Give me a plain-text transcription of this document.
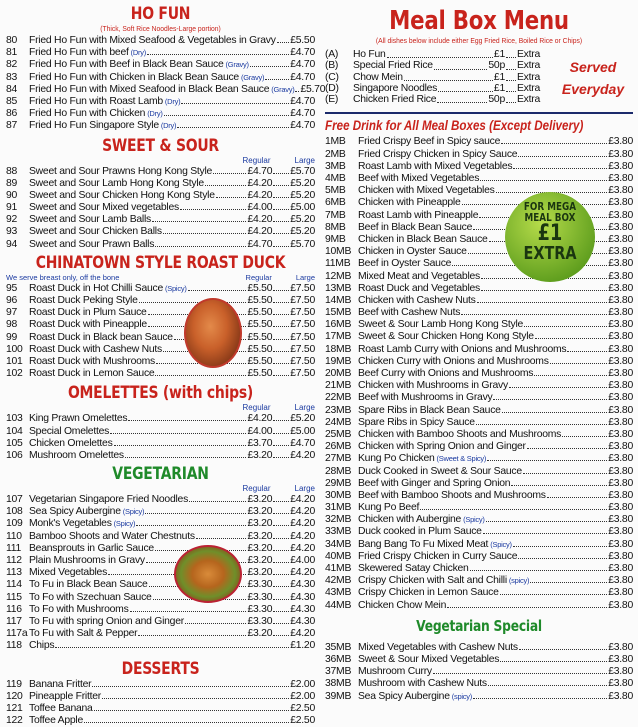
HO FUN
(Thick, Soft Rice Noodles-Large portion)
80	Fried Ho Fun with Mixed Seafood & Vegetables in Gravy £5.50
81	Fried Ho Fun with beef (Dry)	£4.70
82	Fried Ho Fun with Beef in Black Bean Sauce (Gravy)	£4.70
83	Fried Ho Fun with Chicken in Black Bean Sauce (Gravy)	£4.70
84	Fried Ho Fun with Mixed Seafood in Black Bean Sauce (Gravy) £5.70
85	Fried Ho Fun with Roast Lamb (Dry)	£4.70
86	Fried Ho Fun with Chicken (Dry)	£4.70
87	Fried Ho Fun Singapore Style (Dry)	£4.70
SWEET & SOUR
Regular	Large
88	Sweet and Sour Prawns Hong Kong Style	£4.70 £5.70
89	Sweet and Sour Lamb Hong Kong Style	£4.20 £5.20
90	Sweet and Sour Chicken Hong Kong Style	£4.20 £5.20
91	Sweet and Sour Mixed vegetables	£4.00 £5.00
92	Sweet and Sour Lamb Balls	£4.20 £5.20
93	Sweet and Sour Chicken Balls	£4.20 £5.20
94	Sweet and Sour Prawn Balls	£4.70 £5.70
CHINATOWN STYLE ROAST DUCK
We serve breast only, off the bone	Regular	Large
95	Roast Duck in Hot Chilli Sauce (Spicy)	£5.50 £7.50
96	Roast Duck Peking Style	£5.50 £7.50
97	Roast Duck in Plum Sauce	£5.50 £7.50
98	Roast Duck with Pineapple	£5.50 £7.50
99	Roast Duck in Black bean Sauce	£5.50 £7.50
100 Roast Duck with Cashew Nuts	£5.50 £7.50
101 Roast Duck with Mushrooms	£5.50 £7.50
102 Roast Duck in Lemon Sauce	£5.50 £7.50
OMELETTES (with chips)
Regular	Large
103 King Prawn Omelettes	£4.20 £5.20
104 Special Omelettes	£4.00 £5.00
105 Chicken Omelettes	£3.70 £4.70
106 Mushroom Omelettes	£3.20 £4.20
VEGETARIAN
Regular	Large
107 Vegetarian Singapore Fried Noodles	£3.20 £4.20
108 Sea Spicy Aubergine (Spicy)	£3.20 £4.20
109 Monk's Vegetables (Spicy)	£3.20 £4.20
110 Bamboo Shoots and Water Chestnuts	£3.20 £4.20
111 Beansprouts in Garlic Sauce	£3.20 £4.20
112 Plain Mushrooms in Gravy	£3.20 £4.00
113 Mixed Vegetables	£3.20 £4.20
114 To Fu in Black Bean Sauce	£3.30 £4.30
115 To Fo with Szechuan Sauce	£3.30 £4.30
116 To Fo with Mushrooms	£3.30 £4.30
117 To Fu with spring Onion and Ginger	£3.30 £4.30
117a To Fu with Salt & Pepper	£3.20 £4.20
118 Chips	£1.20
DESSERTS
119 Banana Fritter	£2.00
120 Pineapple Fritter	£2.00
121 Toffee Banana	£2.50
122 Toffee Apple	£2.50
Meal Box Menu
(All dishes below include either Egg Fried Rice, Boiled Rice or Chips)
(A)	Ho Fun	£1 Extra
(B)	Special Fried Rice	50p Extra
(C)	Chow Mein	£1 Extra
(D)	Singapore Noodles	£1 Extra
(E)	Chicken Fried Rice	50p Extra
Free Drink for All Meal Boxes (Except Delivery)
1MB	Fried Crispy Beef in Spicy sauce	£3.80
2MB	Fried Crispy Chicken in Spicy Sauce	£3.80
3MB	Roast Lamb with Mixed Vegetables	£3.80
4MB	Beef with Mixed Vegetables	£3.80
5MB	Chicken with Mixed Vegetables	£3.80
6MB	Chicken with Pineapple	£3.80
7MB	Roast Lamb with Pineapple	£3.80
8MB	Beef in Black Bean Sauce	£3.80
9MB	Chicken in Black Bean Sauce	£3.80
10MB Chicken in Oyster Sauce	£3.80
11MB Beef in Oyster Sauce	£3.80
12MB Mixed Meat and Vegetables	£3.80
13MB Roast Duck and Vegetables	£3.80
14MB Chicken with Cashew Nuts	£3.80
15MB Beef with Cashew Nuts	£3.80
16MB Sweet & Sour Lamb Hong Kong Style	£3.80
17MB Sweet & Sour Chicken Hong Kong Style	£3.80
18MB Roast Lamb Curry with Onions and Mushrooms	£3.80
19MB Chicken Curry with Onions and Mushrooms	£3.80
20MB Beef Curry with Onions and Mushrooms	£3.80
21MB Chicken with Mushrooms in Gravy	£3.80
22MB Beef with Mushrooms in Gravy	£3.80
23MB Spare Ribs in Black Bean Sauce	£3.80
24MB Spare Ribs in Spicy Sauce	£3.80
25MB Chicken with Bamboo Shoots and Mushrooms	£3.80
26MB Chicken with Spring Onion and Ginger	£3.80
27MB Kung Po Chicken (Sweet & Spicy)	£3.80
28MB Duck Cooked in Sweet & Sour Sauce	£3.80
29MB Beef with Ginger and Spring Onion	£3.80
30MB Beef with Bamboo Shoots and Mushrooms	£3.80
31MB Kung Po Beef	£3.80
32MB Chicken with Aubergine (Spicy)	£3.80
33MB Duck cooked in Plum Sauce	£3.80
34MB Bang Bang To Fu Mixed Meat (Spicy)	£3.80
40MB Fried Crispy Chicken in Curry Sauce	£3.80
41MB Skewered Satay Chicken	£3.80
42MB Crispy Chicken with Salt and Chilli (spicy)	£3.80
43MB Crispy Chicken in Lemon Sauce	£3.80
44MB Chicken Chow Mein	£3.80
Vegetarian Special
35MB Mixed Vegetables with Cashew Nuts	£3.80
36MB Sweet & Sour Mixed Vegetables	£3.80
37MB Mushroom Curry	£3.80
38MB Mushroom with Cashew Nuts	£3.80
39MB Sea Spicy Aubergine (spicy)	£3.80
Served
Everyday
FOR MEGA
MEAL BOX
£1
EXTRA
